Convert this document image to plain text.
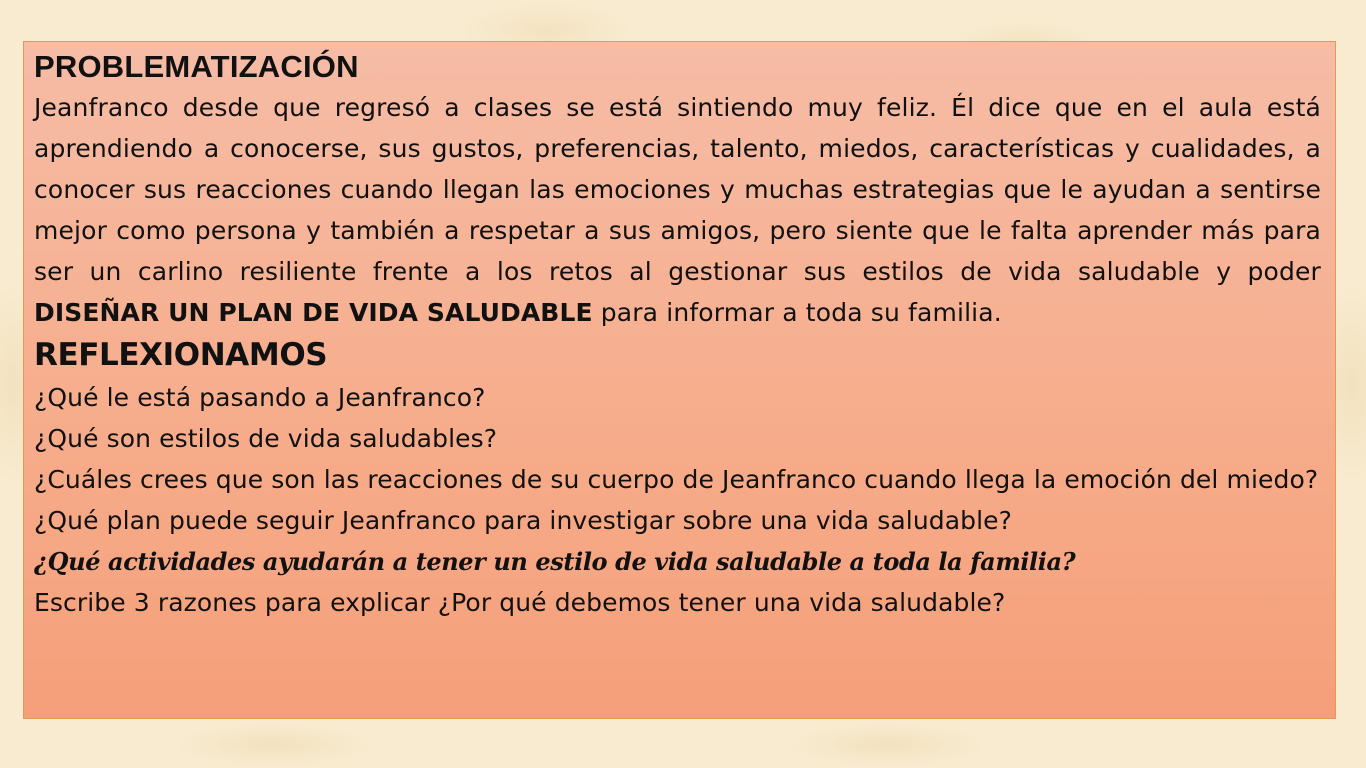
PROBLEMATIZACIÓN

Jeanfranco desde que regresó a clases se está sintiendo muy feliz. Él dice que en el aula está aprendiendo a conocerse, sus gustos, preferencias, talento, miedos, características y cualidades, a conocer sus reacciones cuando llegan las emociones y muchas estrategias que le ayudan a sentirse mejor como persona y también a respetar a sus amigos, pero siente que le falta aprender más para ser un carlino resiliente frente a los retos al gestionar sus estilos de vida saludable y poder DISEÑAR UN PLAN DE VIDA SALUDABLE para informar a toda su familia.

REFLEXIONAMOS

¿Qué le está pasando a Jeanfranco?

¿Qué son estilos de vida saludables?

¿Cuáles crees que son las reacciones de su cuerpo de Jeanfranco cuando llega la emoción del miedo?

¿Qué plan puede seguir Jeanfranco para investigar sobre una vida saludable?

¿Qué actividades ayudarán a tener un estilo de vida saludable a toda la familia?

Escribe 3 razones para explicar ¿Por qué debemos tener una vida saludable?
